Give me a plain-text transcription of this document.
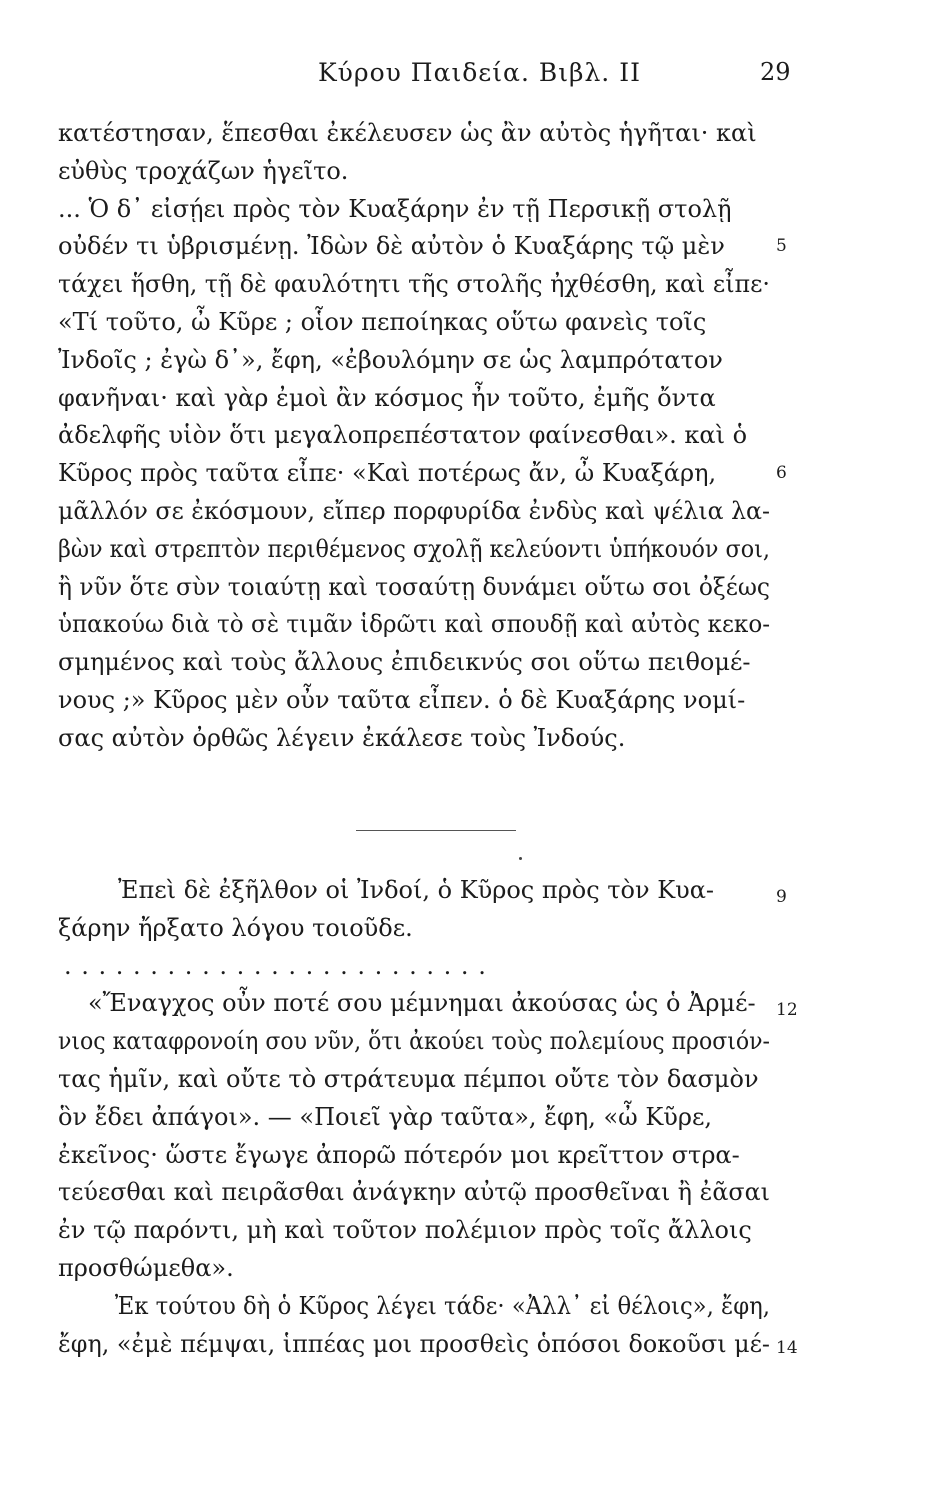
Κύρου Παιδεία. Βιβλ. II	29
κατέστησαν, ἕπεσθαι ἐκέλευσεν ὡς ἂν αὐτὸς ἡγῆται· καὶ
εὐθὺς τροχάζων ἡγεῖτο.
... Ὁ δ᾽ εἰσῄει πρὸς τὸν Κυαξάρην ἐν τῇ Περσικῇ στολῇ
οὐδέν τι ὑβρισμένῃ. Ἰδὼν δὲ αὐτὸν ὁ Κυαξάρης τῷ μὲν
τάχει ἥσθη, τῇ δὲ φαυλότητι τῆς στολῆς ἠχθέσθη, καὶ εἶπε·
«Τί τοῦτο, ὦ Κῦρε ; οἷον πεποίηκας οὕτω φανεὶς τοῖς
Ἰνδοῖς ; ἐγὼ δ᾽», ἔφη, «ἐβουλόμην σε ὡς λαμπρότατον
φανῆναι· καὶ γὰρ ἐμοὶ ἂν κόσμος ἦν τοῦτο, ἐμῆς ὄντα
ἀδελφῆς υἱὸν ὅτι μεγαλοπρεπέστατον φαίνεσθαι». καὶ ὁ
Κῦρος πρὸς ταῦτα εἶπε· «Καὶ ποτέρως ἄν, ὦ Κυαξάρη,
μᾶλλόν σε ἐκόσμουν, εἴπερ πορφυρίδα ἐνδὺς καὶ ψέλια λα-
βὼν καὶ στρεπτὸν περιθέμενος σχολῇ κελεύοντι ὑπήκουόν σοι,
ἢ νῦν ὅτε σὺν τοιαύτῃ καὶ τοσαύτῃ δυνάμει οὕτω σοι ὀξέως
ὑπακούω διὰ τὸ σὲ τιμᾶν ἱδρῶτι καὶ σπουδῇ καὶ αὐτὸς κεκο-
σμημένος καὶ τοὺς ἄλλους ἐπιδεικνύς σοι οὕτω πειθομέ-
νους ;» Κῦρος μὲν οὖν ταῦτα εἶπεν. ὁ δὲ Κυαξάρης νομί-
σας αὐτὸν ὀρθῶς λέγειν ἐκάλεσε τοὺς Ἰνδούς.
Ἐπεὶ δὲ ἐξῆλθον οἱ Ἰνδοί, ὁ Κῦρος πρὸς τὸν Κυα-
ξάρην ἤρξατο λόγου τοιοῦδε.
. . . . . . . . . . . . . . . . . . . . . . . . .
«Ἔναγχος οὖν ποτέ σου μέμνημαι ἀκούσας ὡς ὁ Ἀρμέ-
νιος καταφρονοίη σου νῦν, ὅτι ἀκούει τοὺς πολεμίους προσιόν-
τας ἡμῖν, καὶ οὔτε τὸ στράτευμα πέμποι οὔτε τὸν δασμὸν
ὃν ἔδει ἀπάγοι». — «Ποιεῖ γὰρ ταῦτα», ἔφη, «ὦ Κῦρε,
ἐκεῖνος· ὥστε ἔγωγε ἀπορῶ πότερόν μοι κρεῖττον στρα-
τεύεσθαι καὶ πειρᾶσθαι ἀνάγκην αὐτῷ προσθεῖναι ἢ ἐᾶσαι
ἐν τῷ παρόντι, μὴ καὶ τοῦτον πολέμιον πρὸς τοῖς ἄλλοις
προσθώμεθα».
Ἐκ τούτου δὴ ὁ Κῦρος λέγει τάδε· «Ἀλλ᾽ εἰ θέλοις», ἔφη,
ἔφη, «ἐμὲ πέμψαι, ἱππέας μοι προσθεὶς ὁπόσοι δοκοῦσι μέ-
5
6
9
12
14
